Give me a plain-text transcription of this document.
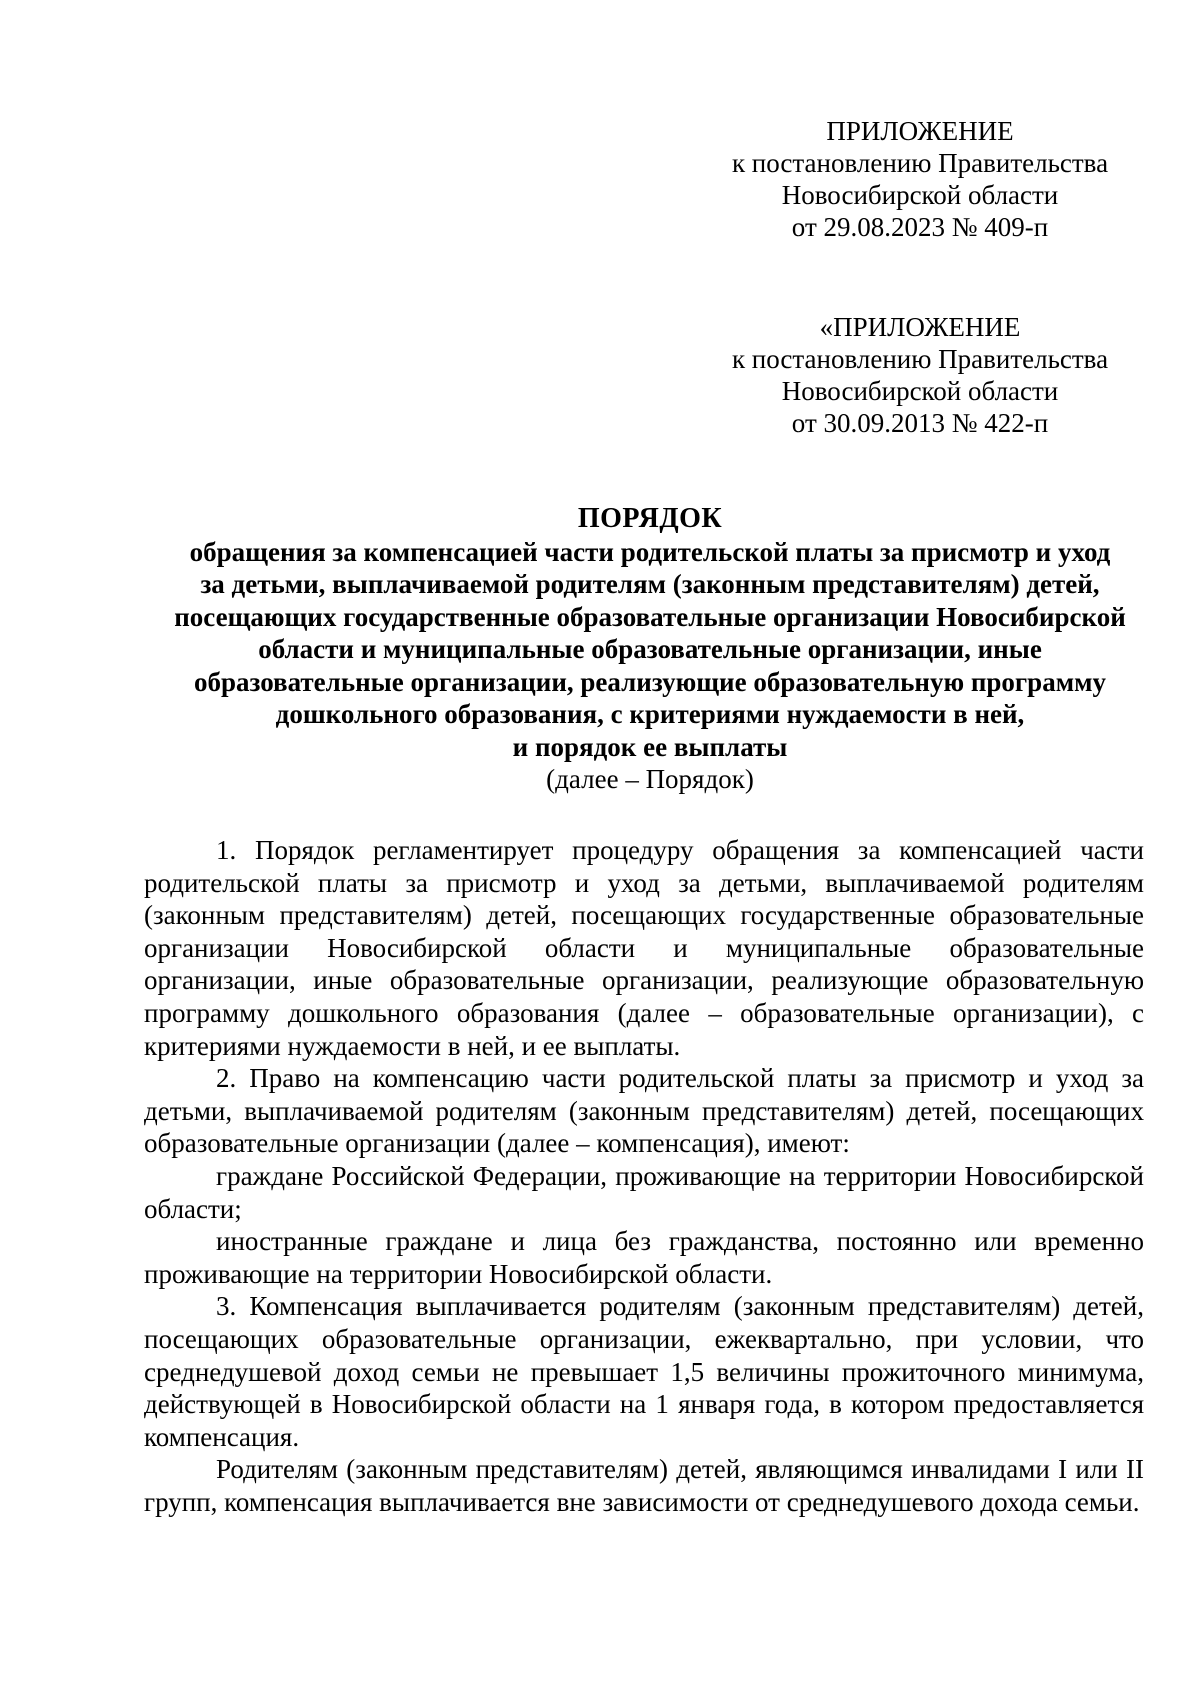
ПРИЛОЖЕНИЕ
к постановлению Правительства
Новосибирской области
от 29.08.2023 № 409-п
«ПРИЛОЖЕНИЕ
к постановлению Правительства
Новосибирской области
от 30.09.2013 № 422-п
ПОРЯДОК
обращения за компенсацией части родительской платы за присмотр и уход
за детьми, выплачиваемой родителям (законным представителям) детей,
посещающих государственные образовательные организации Новосибирской
области и муниципальные образовательные организации, иные
образовательные организации, реализующие образовательную программу
дошкольного образования, с критериями нуждаемости в ней,
и порядок ее выплаты
(далее – Порядок)

1. Порядок регламентирует процедуру обращения за компенсацией части родительской платы за присмотр и уход за детьми, выплачиваемой родителям (законным представителям) детей, посещающих государственные образовательные организации Новосибирской области и муниципальные образовательные организации, иные образовательные организации, реализующие образовательную программу дошкольного образования (далее – образовательные организации), с критериями нуждаемости в ней, и ее выплаты.

2. Право на компенсацию части родительской платы за присмотр и уход за детьми, выплачиваемой родителям (законным представителям) детей, посещающих образовательные организации (далее – компенсация), имеют:

граждане Российской Федерации, проживающие на территории Новосибирской области;

иностранные граждане и лица без гражданства, постоянно или временно проживающие на территории Новосибирской области.

3. Компенсация выплачивается родителям (законным представителям) детей, посещающих образовательные организации, ежеквартально, при условии, что среднедушевой доход семьи не превышает 1,5 величины прожиточного минимума, действующей в Новосибирской области на 1 января года, в котором предоставляется компенсация.

Родителям (законным представителям) детей, являющимся инвалидами I или II групп, компенсация выплачивается вне зависимости от среднедушевого дохода семьи.
